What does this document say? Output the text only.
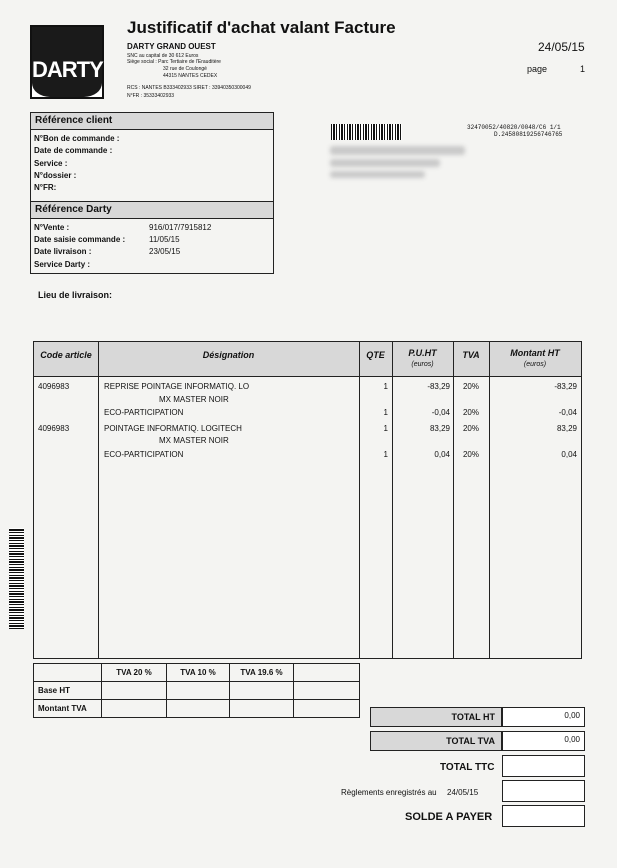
DARTY
Justificatif d'achat valant Facture
DARTY GRAND OUEST
SNC au capital de 30 612 Euros
Siège social : Parc Tertiaire de l'Erauditère
32 rue de Coulongé
44315 NANTES CEDEX
RCS : NANTES B333402933 SIRET : 33940350300049
N°FR : 35333402933
24/05/15
page	1
Référence client
N°Bon de commande :
Date de commande :
Service :
N°dossier :
N°FR:
Référence Darty
N°Vente :	916/017/7915812
Date saisie commande :	11/05/15
Date livraison :	23/05/15
Service Darty :
32470052/40820/0048/C6 1/1
D.24580819256746765
Lieu de livraison:
Code article	Désignation	QTE	P.U.HT
(euros)
TVA	Montant HT
(euros)
4096983	REPRISE POINTAGE INFORMATIQ. LO	1	-83,29	20%	-83,29
MX MASTER NOIR
ECO-PARTICIPATION	1	-0,04	20%	-0,04
4096983	POINTAGE INFORMATIQ. LOGITECH	1	83,29	20%	83,29
MX MASTER NOIR
ECO-PARTICIPATION	1	0,04	20%	0,04
	TVA 20 %	TVA 10 %	TVA 19.6 %	
Base HT				
Montant TVA				
TOTAL HT	0,00
TOTAL TVA	0,00
TOTAL TTC
Règlements enregistrés au 24/05/15
SOLDE A PAYER
